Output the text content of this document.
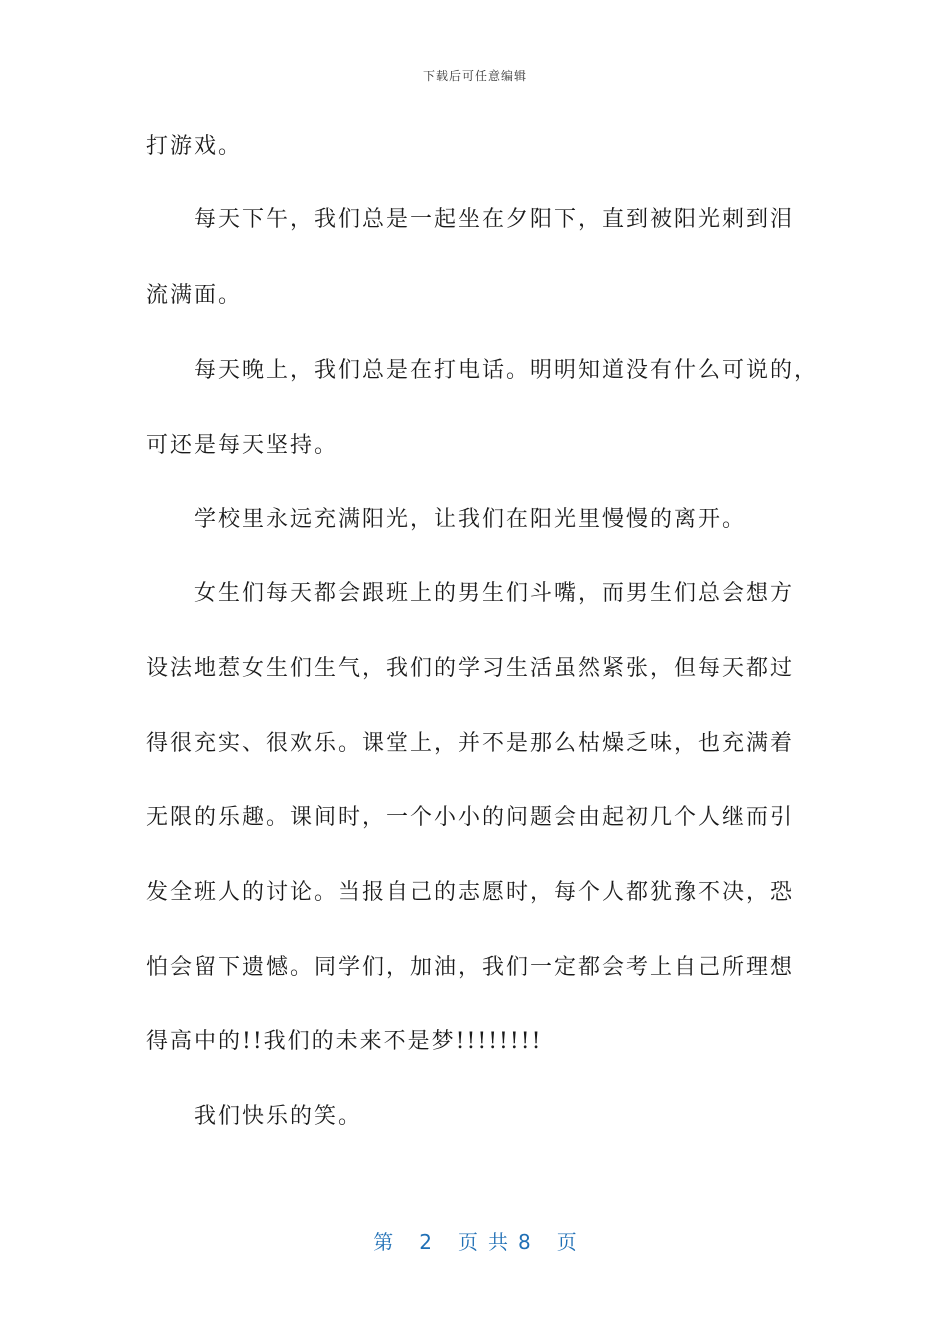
下载后可任意编辑
打游戏。
　　每天下午，我们总是一起坐在夕阳下，直到被阳光刺到泪
流满面。
　　每天晚上，我们总是在打电话。明明知道没有什么可说的，
可还是每天坚持。
　　学校里永远充满阳光，让我们在阳光里慢慢的离开。
　　女生们每天都会跟班上的男生们斗嘴，而男生们总会想方
设法地惹女生们生气，我们的学习生活虽然紧张，但每天都过
得很充实、很欢乐。课堂上，并不是那么枯燥乏味，也充满着
无限的乐趣。课间时，一个小小的问题会由起初几个人继而引
发全班人的讨论。当报自己的志愿时，每个人都犹豫不决，恐
怕会留下遗憾。同学们，加油，我们一定都会考上自己所理想
得高中的!!我们的未来不是梦!!!!!!!!
　　我们快乐的笑。
第 2 页 共 8 页
